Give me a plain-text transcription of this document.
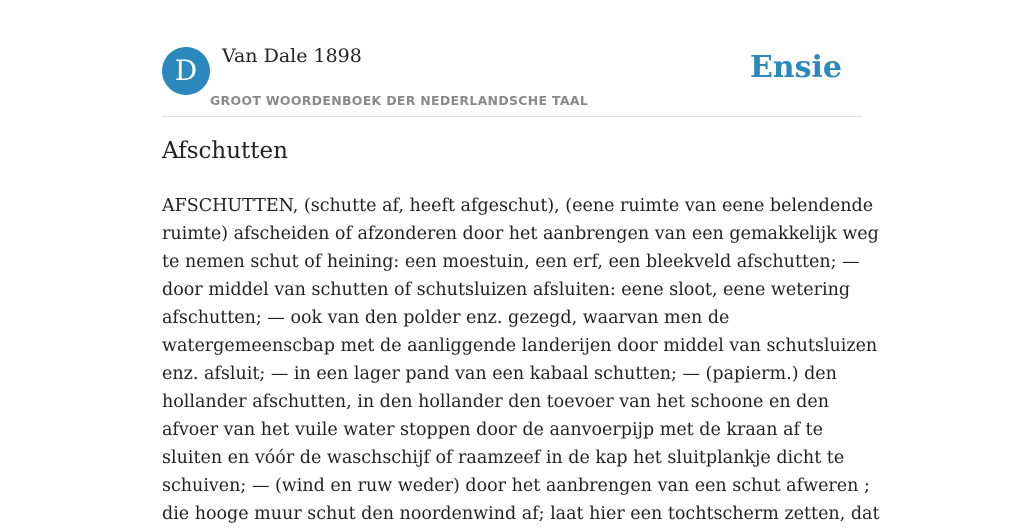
D	Van Dale 1898
GROOT WOORDENBOEK DER NEDERLANDSCHE TAAL
Ensie
Afschutten
AFSCHUTTEN, (schutte af, heeft afgeschut), (eene ruimte van eene belendende
ruimte) afscheiden of afzonderen door het aanbrengen van een gemakkelijk weg
te nemen schut of heining: een moestuin, een erf, een bleekveld afschutten; —
door middel van schutten of schutsluizen afsluiten: eene sloot, eene wetering
afschutten; — ook van den polder enz. gezegd, waarvan men de
watergemeenscbap met de aanliggende landerijen door middel van schutsluizen
enz. afsluit; — in een lager pand van een kabaal schutten; — (papierm.) den
hollander afschutten, in den hollander den toevoer van het schoone en den
afvoer van het vuile water stoppen door de aanvoerpijp met de kraan af te
sluiten en vóór de waschschijf of raamzeef in de kap het sluitplankje dicht te
schuiven; — (wind en ruw weder) door het aanbrengen van een schut afweren ;
die hooge muur schut den noordenwind af; laat hier een tochtscherm zetten, dat
